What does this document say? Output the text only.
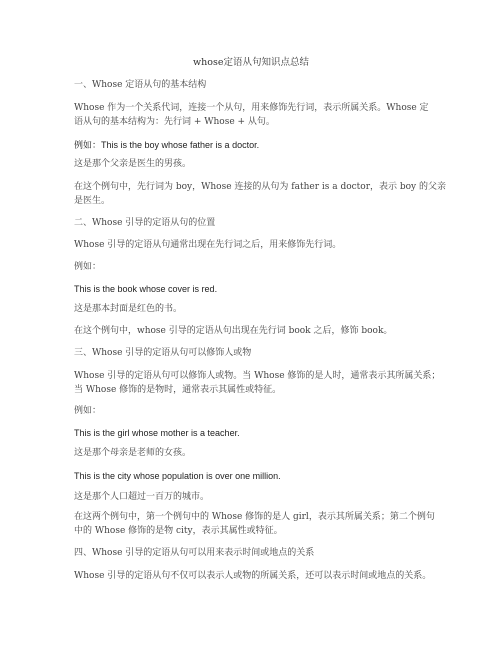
whose定语从句知识点总结
一、Whose 定语从句的基本结构
Whose 作为一个关系代词，连接一个从句，用来修饰先行词，表示所属关系。Whose 定
语从句的基本结构为：先行词 + Whose + 从句。
例如：This is the boy whose father is a doctor.
这是那个父亲是医生的男孩。
在这个例句中，先行词为 boy，Whose 连接的从句为 father is a doctor，表示 boy 的父亲
是医生。
二、Whose 引导的定语从句的位置
Whose 引导的定语从句通常出现在先行词之后，用来修饰先行词。
例如：
This is the book whose cover is red.
这是那本封面是红色的书。
在这个例句中，whose 引导的定语从句出现在先行词 book 之后，修饰 book。
三、Whose 引导的定语从句可以修饰人或物
Whose 引导的定语从句可以修饰人或物。当 Whose 修饰的是人时，通常表示其所属关系；
当 Whose 修饰的是物时，通常表示其属性或特征。
例如：
This is the girl whose mother is a teacher.
这是那个母亲是老师的女孩。
This is the city whose population is over one million.
这是那个人口超过一百万的城市。
在这两个例句中，第一个例句中的 Whose 修饰的是人 girl，表示其所属关系；第二个例句
中的 Whose 修饰的是物 city，表示其属性或特征。
四、Whose 引导的定语从句可以用来表示时间或地点的关系
Whose 引导的定语从句不仅可以表示人或物的所属关系，还可以表示时间或地点的关系。
